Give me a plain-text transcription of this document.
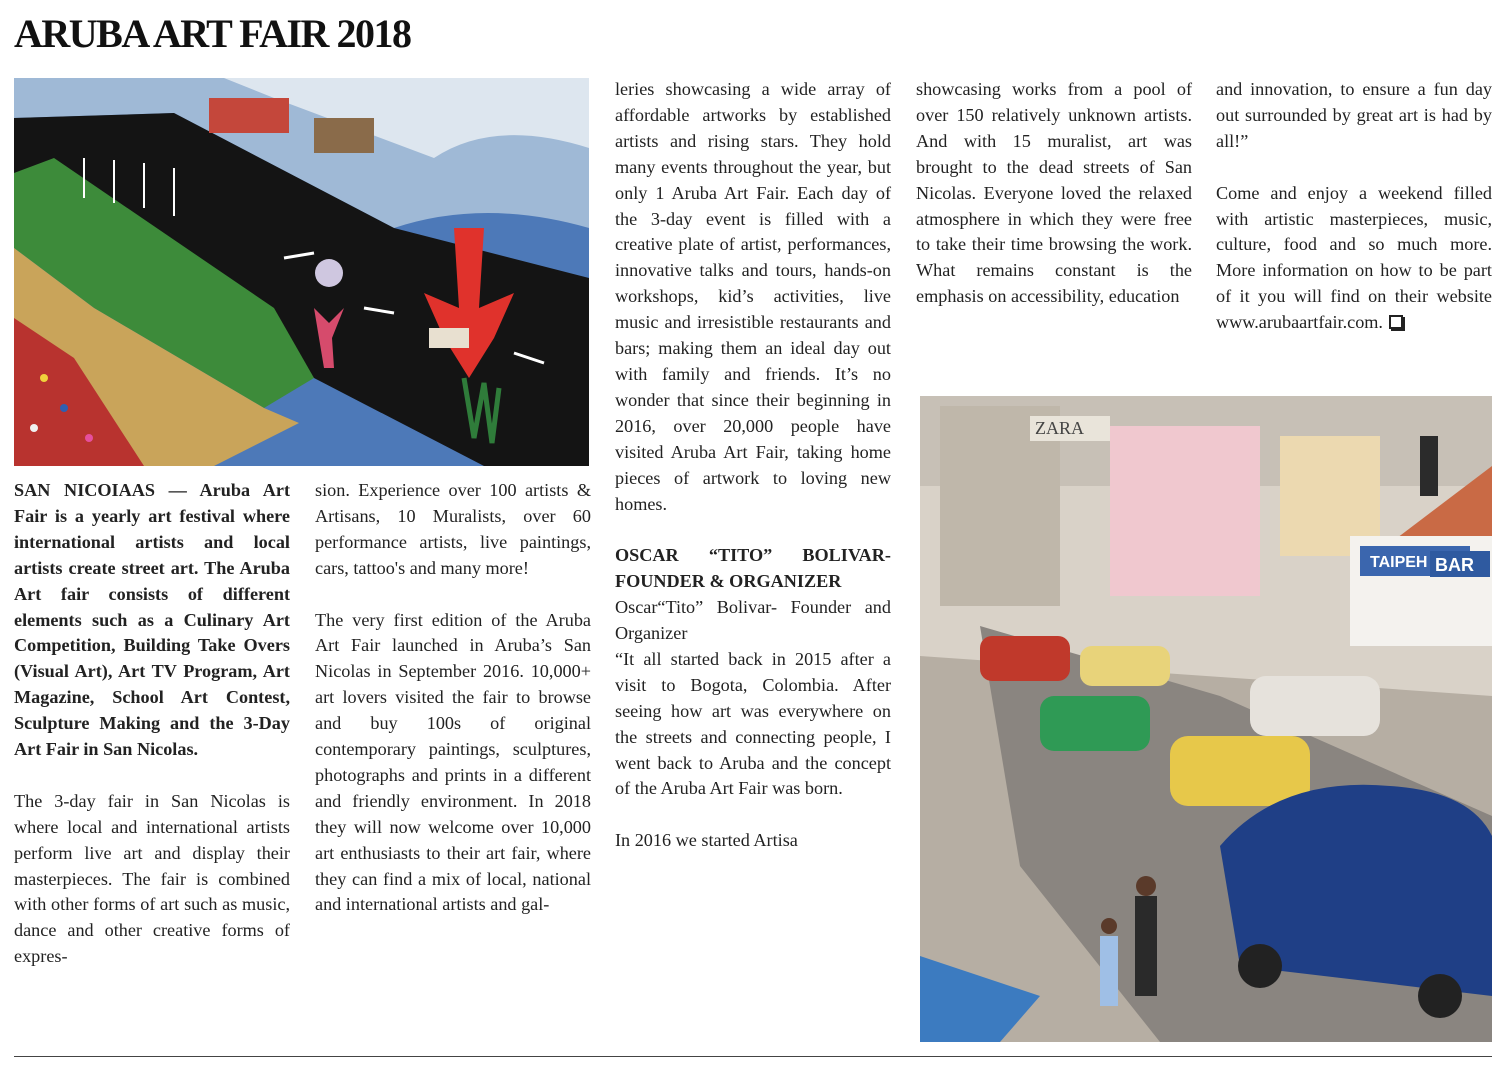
ARUBA ART FAIR 2018

SAN NICOIAAS — Aruba Art Fair is a yearly art festival where international artists and local artists create street art. The Aruba Art fair consists of different elements such as a Culinary Art Competition, Building Take Overs (Visual Art), Art TV Program, Art Magazine, School Art Contest, Sculpture Making and the 3-Day Art Fair in San Nicolas.

The 3-day fair in San Nicolas is where local and international artists perform live art and display their masterpieces. The fair is combined with other forms of art such as music, dance and other creative forms of expres-

sion. Experience over 100 artists & Artisans, 10 Muralists, over 60 performance artists, live paintings, cars, tattoo's and many more!

The very first edition of the Aruba Art Fair launched in Aruba’s San Nicolas in September 2016. 10,000+ art lovers visited the fair to browse and buy 100s of original contemporary paintings, sculptures, photographs and prints in a different and friendly environment. In 2018 they will now welcome over 10,000 art enthusiasts to their art fair, where they can find a mix of local, national and international artists and gal-

leries showcasing a wide array of affordable artworks by established artists and rising stars. They hold many events throughout the year, but only 1 Aruba Art Fair. Each day of the 3-day event is filled with a creative plate of artist, performances, innovative talks and tours, hands-on workshops, kid’s activities, live music and irresistible restaurants and bars; making them an ideal day out with family and friends. It’s no wonder that since their beginning in 2016, over 20,000 people have visited Aruba Art Fair, taking home pieces of artwork to loving new homes.

OSCAR “TITO” BOLIVAR-FOUNDER & ORGANIZER

Oscar“Tito” Bolivar- Founder and Organizer

“It all started back in 2015 after a visit to Bogota, Colombia. After seeing how art was everywhere on the streets and connecting people, I went back to Aruba and the concept of the Aruba Art Fair was born.

In 2016 we started Artisa

showcasing works from a pool of over 150 relatively unknown artists. And with 15 muralist, art was brought to the dead streets of San Nicolas. Everyone loved the relaxed atmosphere in which they were free to take their time browsing the work. What remains constant is the emphasis on accessibility, education

and innovation, to ensure a fun day out surrounded by great art is had by all!”

Come and enjoy a weekend filled with artistic masterpieces, music, culture, food and so much more. More information on how to be part of it you will find on their website www.arubaartfair.com.

ZARA
TAIPEH BAR
